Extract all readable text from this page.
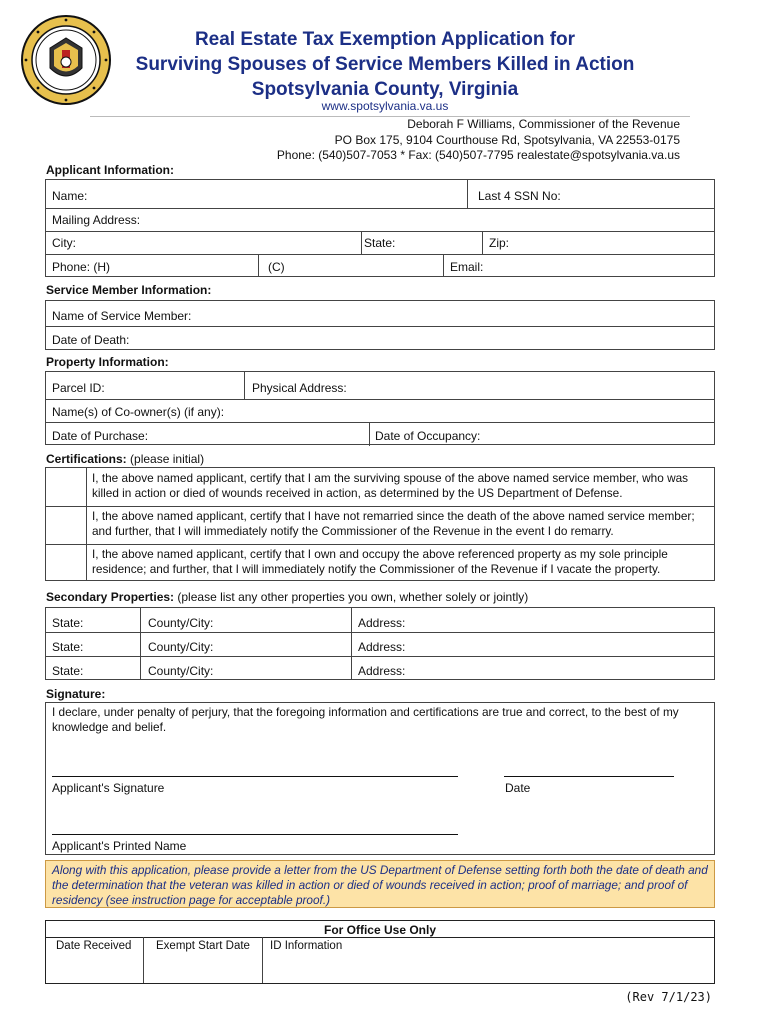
Real Estate Tax Exemption Application for
Surviving Spouses of Service Members Killed in Action
Spotsylvania County, Virginia
www.spotsylvania.va.us
Deborah F Williams, Commissioner of the Revenue
PO Box 175, 9104 Courthouse Rd, Spotsylvania, VA 22553-0175
Phone: (540)507-7053 * Fax: (540)507-7795 realestate@spotsylvania.va.us
Applicant Information:
Name:	Last 4 SSN No:
Mailing Address:
City:	State:	Zip:
Phone: (H)	(C)	Email:
Service Member Information:
Name of Service Member:
Date of Death:
Property Information:
Parcel ID:	Physical Address:
Name(s) of Co-owner(s) (if any):
Date of Purchase:	Date of Occupancy:
Certifications: (please initial)
I, the above named applicant, certify that I am the surviving spouse of the above named service member, who was killed in action or died of wounds received in action, as determined by the US Department of Defense.
I, the above named applicant, certify that I have not remarried since the death of the above named service member; and further, that I will immediately notify the Commissioner of the Revenue in the event I do remarry.
I, the above named applicant, certify that I own and occupy the above referenced property as my sole principle residence; and further, that I will immediately notify the Commissioner of the Revenue if I vacate the property.
Secondary Properties: (please list any other properties you own, whether solely or jointly)
State:	County/City:	Address:
State:	County/City:	Address:
State:	County/City:	Address:
Signature:
I declare, under penalty of perjury, that the foregoing information and certifications are true and correct, to the best of my knowledge and belief.
Applicant's Signature	Date
Applicant's Printed Name
Along with this application, please provide a letter from the US Department of Defense setting forth both the date of death and the determination that the veteran was killed in action or died of wounds received in action; proof of marriage; and proof of residency (see instruction page for acceptable proof.)
For Office Use Only
Date Received	Exempt Start Date	ID Information
(Rev 7/1/23)
